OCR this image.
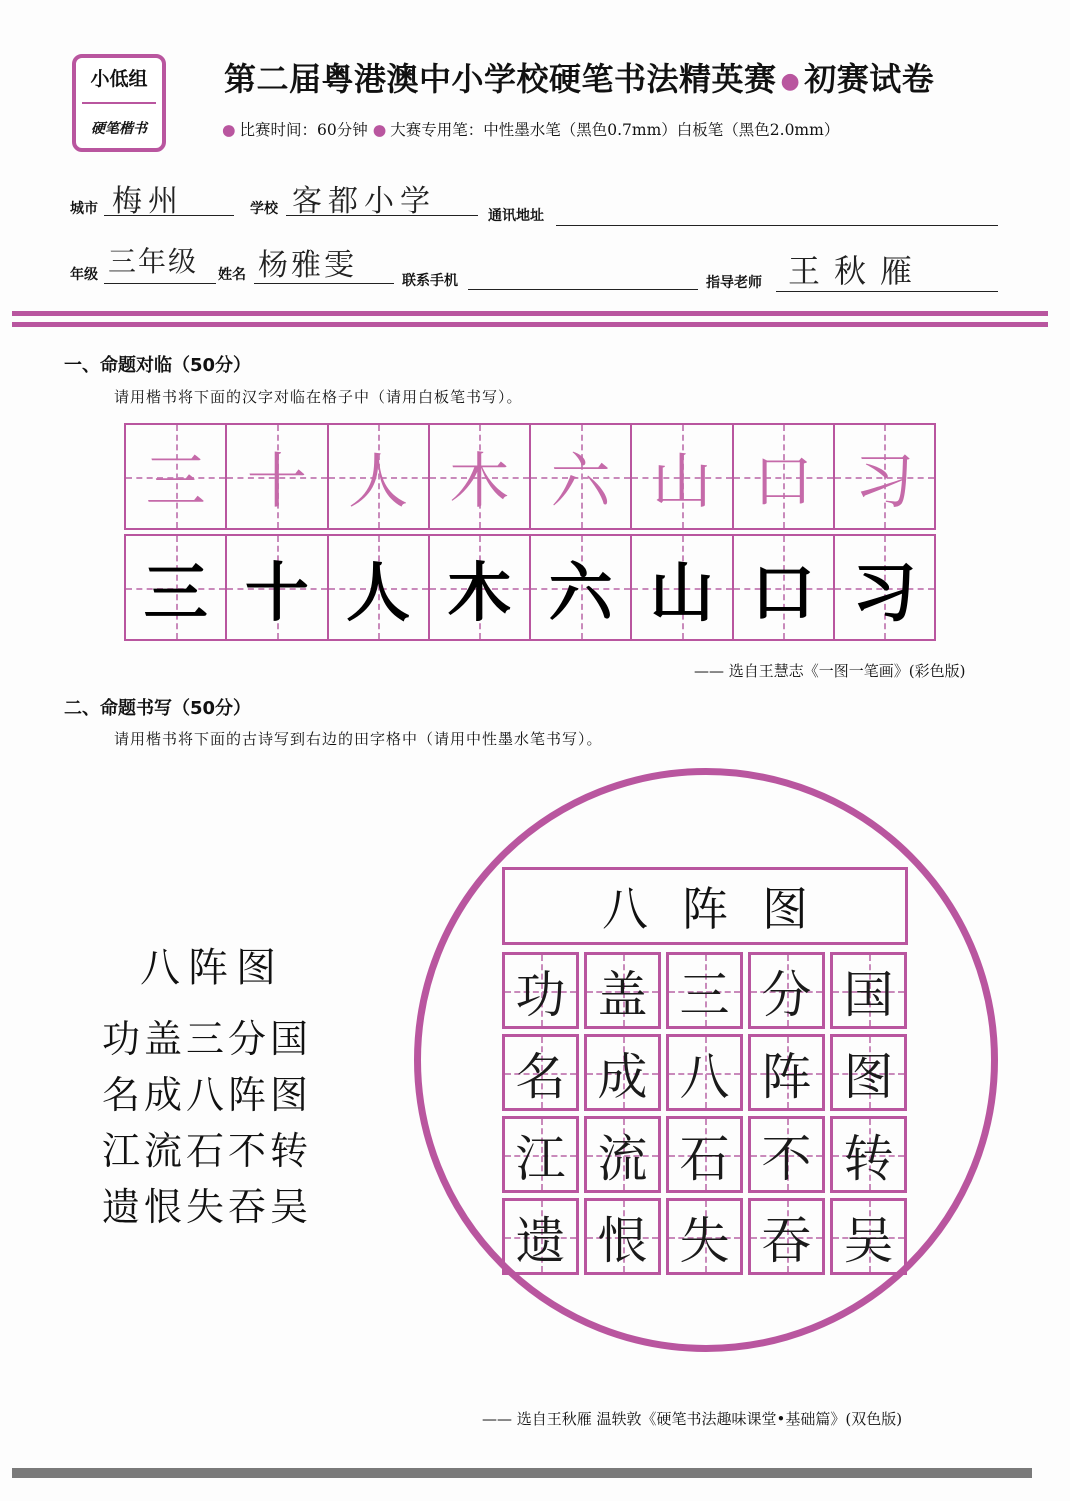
小低组
硬笔楷书
第二届粤港澳中小学校硬笔书法精英赛 ● 初赛试卷
● 比赛时间：60分钟 ● 大赛专用笔：中性墨水笔（黑色0.7mm）白板笔（黑色2.0mm）
城市 梅州	学校 客都小学	通讯地址
年级 三年级 姓名 杨雅雯	联系手机	指导老师 王秋雁
一、命题对临（50分）
请用楷书将下面的汉字对临在格子中（请用白板笔书写）。
三 十 人 木 六 山 口 习
三 十 人 木 六 山 口 习
—— 选自王慧志《一图一笔画》(彩色版)
二、命题书写（50分）
请用楷书将下面的古诗写到右边的田字格中（请用中性墨水笔书写）。
八阵图
功盖三分国
名成八阵图
江流石不转
遗恨失吞吴
八阵图
功 盖 三 分 国
名 成 八 阵 图
江 流 石 不 转
遗 恨 失 吞 吴
—— 选自王秋雁 温轶敦《硬笔书法趣味课堂•基础篇》(双色版)
